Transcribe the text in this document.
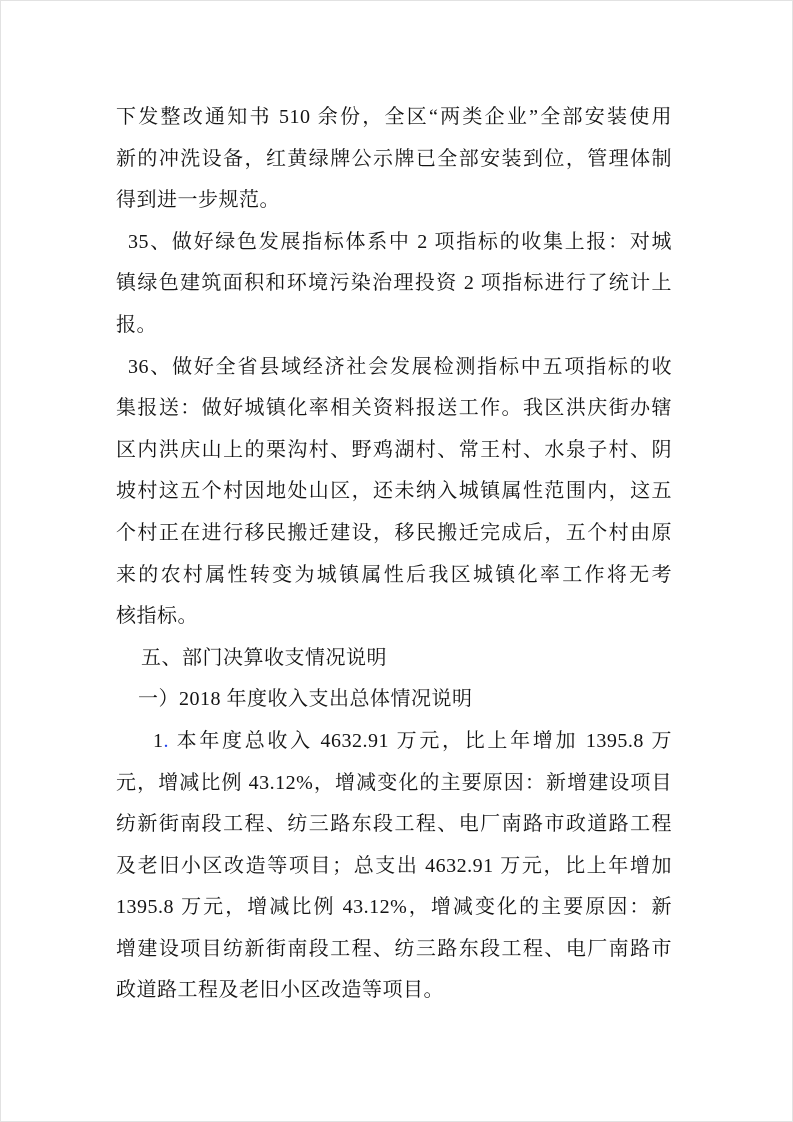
下发整改通知书 510 余份，全区“两类企业”全部安装使用
新的冲洗设备，红黄绿牌公示牌已全部安装到位，管理体制
得到进一步规范。
35、做好绿色发展指标体系中 2 项指标的收集上报：对城
镇绿色建筑面积和环境污染治理投资 2 项指标进行了统计上
报。
36、做好全省县域经济社会发展检测指标中五项指标的收
集报送：做好城镇化率相关资料报送工作。我区洪庆街办辖
区内洪庆山上的栗沟村、野鸡湖村、常王村、水泉子村、阴
坡村这五个村因地处山区，还未纳入城镇属性范围内，这五
个村正在进行移民搬迁建设，移民搬迁完成后，五个村由原
来的农村属性转变为城镇属性后我区城镇化率工作将无考
核指标。
五、部门决算收支情况说明
一）2018 年度收入支出总体情况说明
1. 本年度总收入 4632.91 万元，比上年增加 1395.8 万
元，增减比例 43.12%，增减变化的主要原因：新增建设项目
纺新街南段工程、纺三路东段工程、电厂南路市政道路工程
及老旧小区改造等项目；总支出 4632.91 万元，比上年增加
1395.8 万元，增减比例 43.12%，增减变化的主要原因：新
增建设项目纺新街南段工程、纺三路东段工程、电厂南路市
政道路工程及老旧小区改造等项目。
